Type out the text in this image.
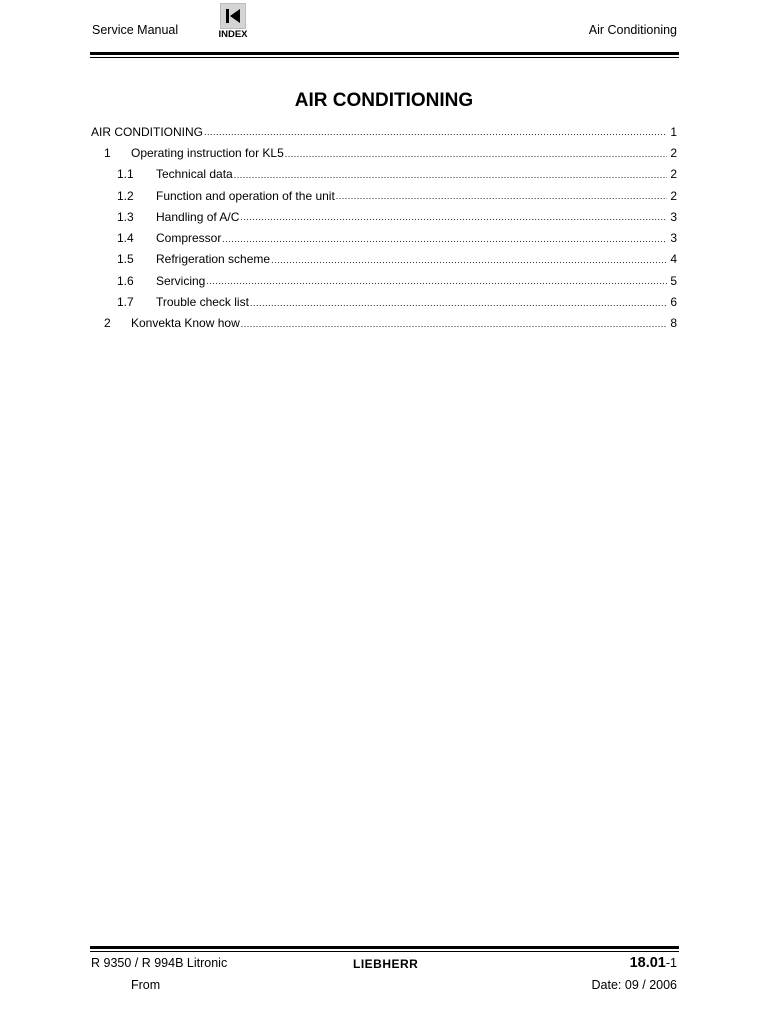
Service Manual	INDEX	Air Conditioning
AIR CONDITIONING
AIR CONDITIONING .....	1
1	Operating instruction for KL5 .....	2
1.1	Technical data .....	2
1.2	Function and operation of the unit .....	2
1.3	Handling of A/C .....	3
1.4	Compressor .....	3
1.5	Refrigeration scheme .....	4
1.6	Servicing .....	5
1.7	Trouble check list .....	6
2	Konvekta Know how .....	8
R 9350 / R 994B Litronic	LIEBHERR	18.01-1
From	Date: 09 / 2006
